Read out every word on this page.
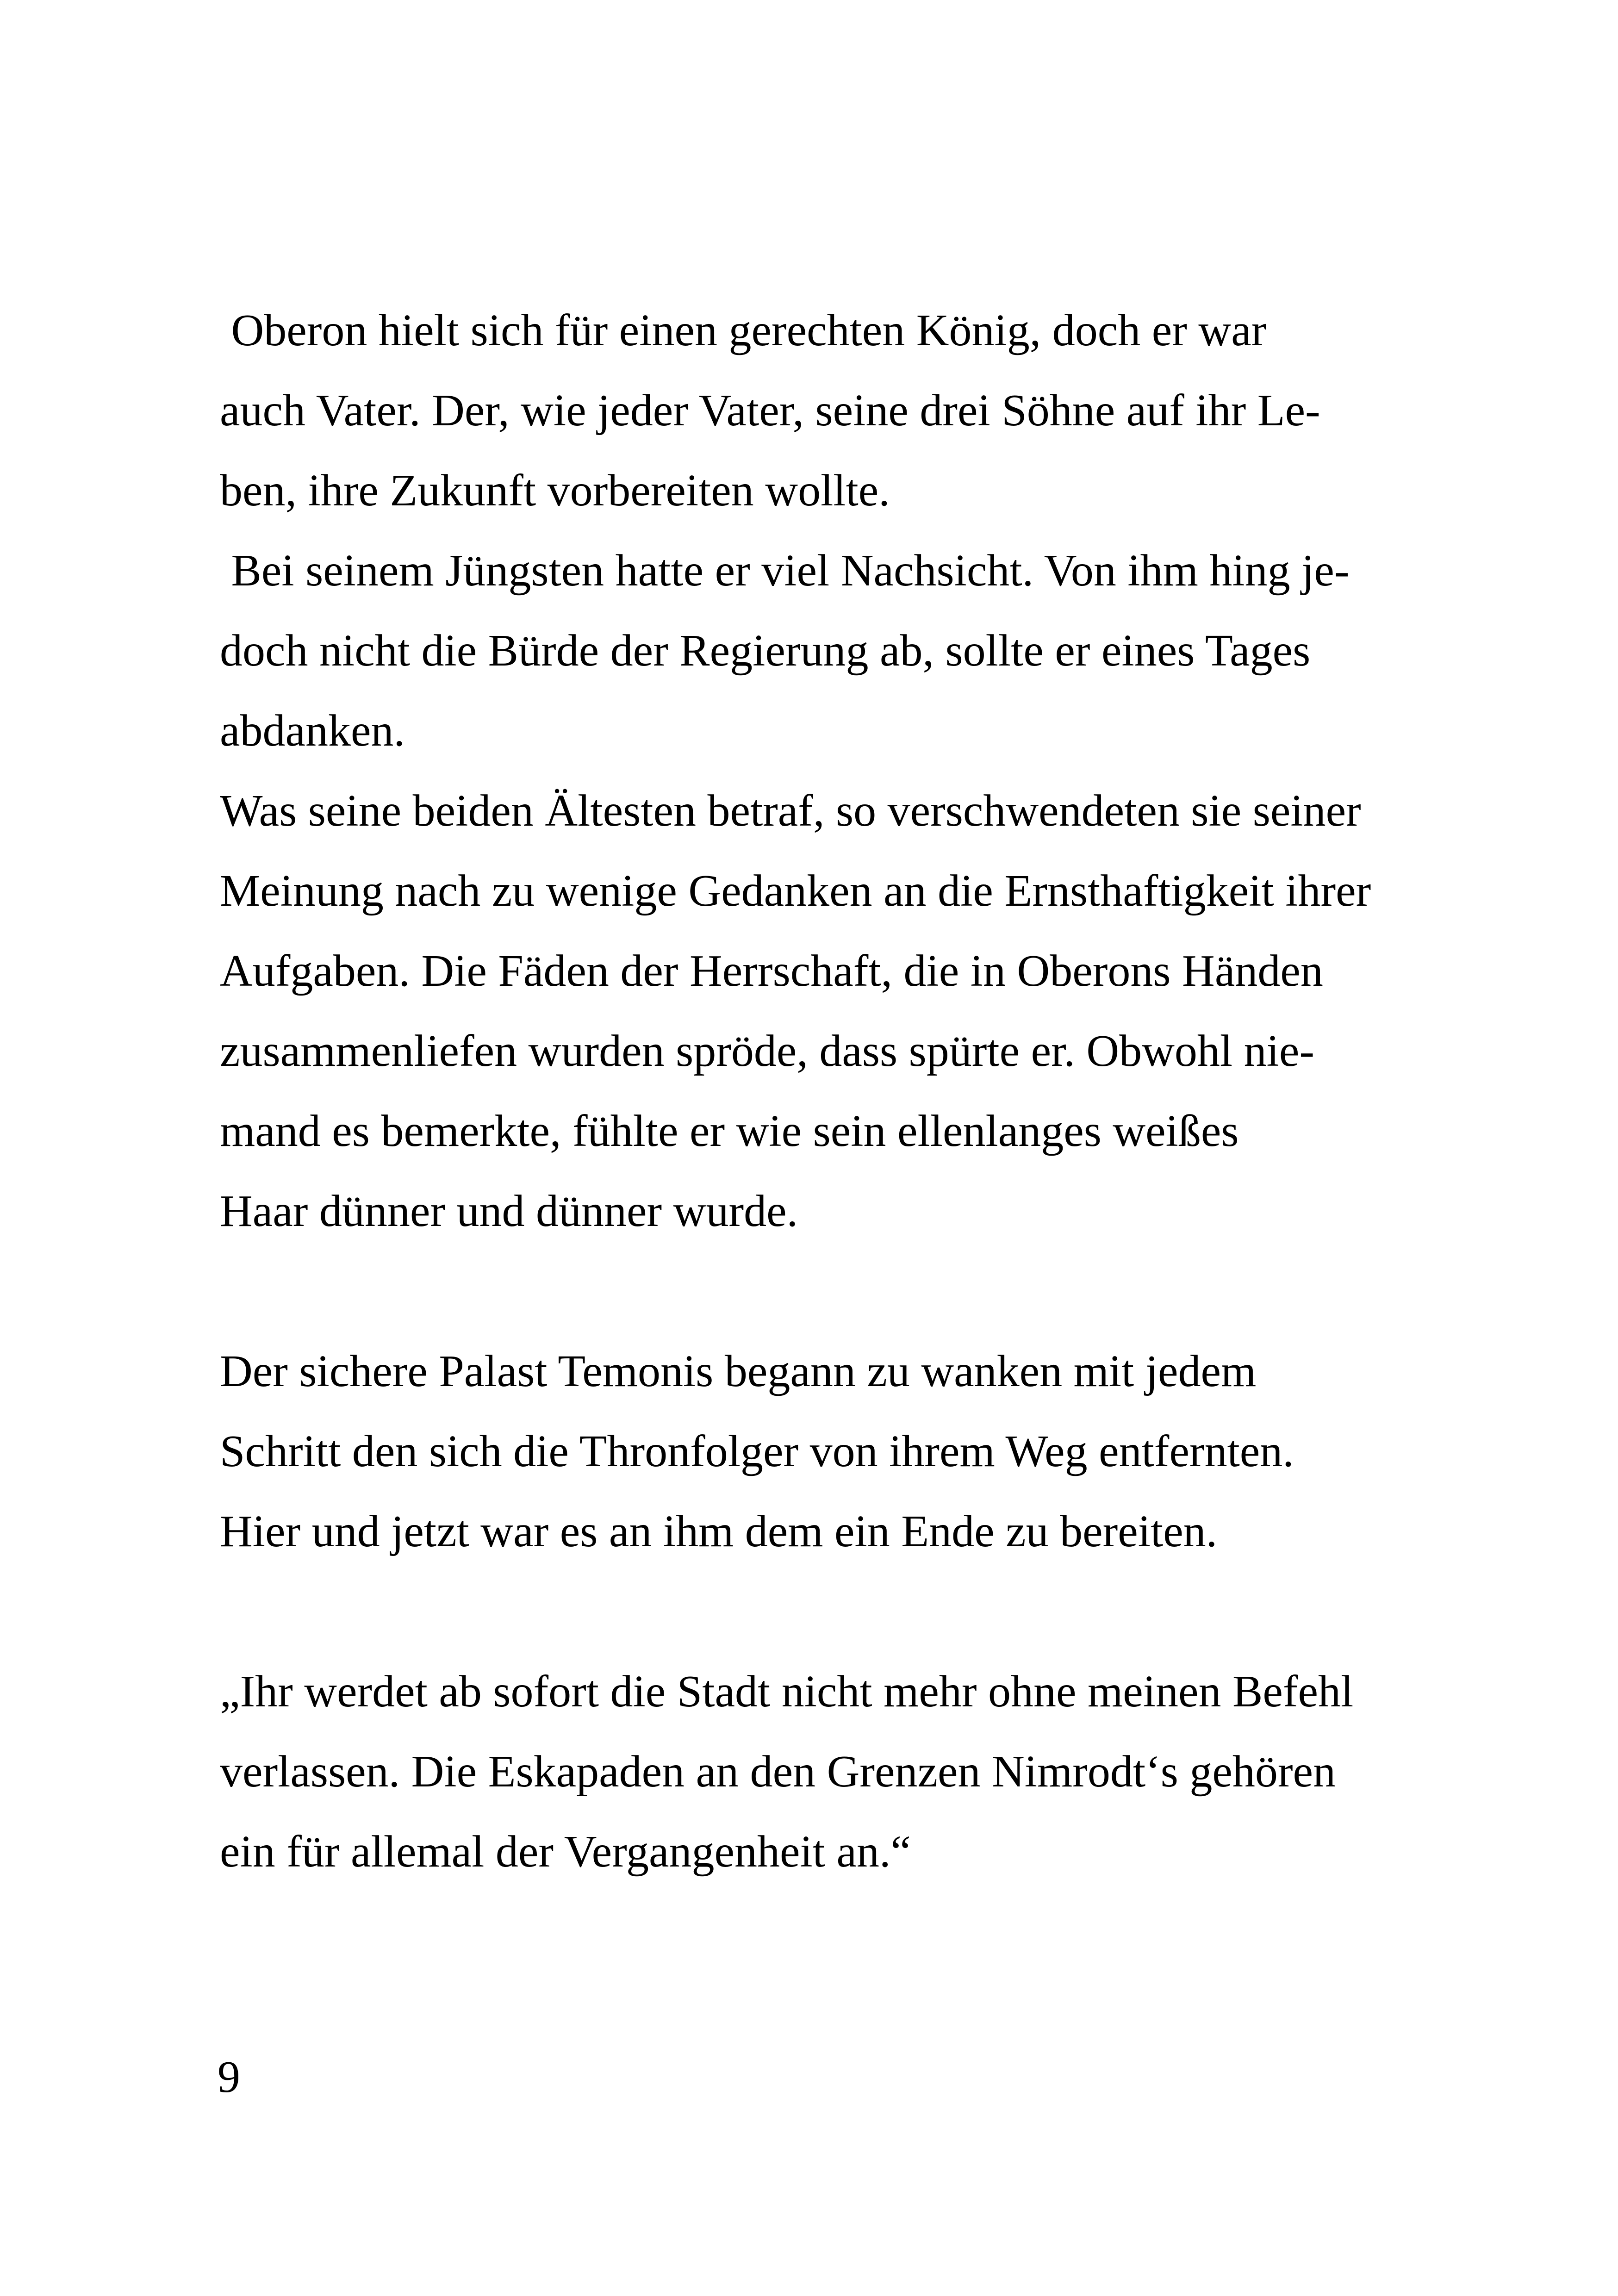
Oberon hielt sich für einen gerechten König, doch er war
auch Vater. Der, wie jeder Vater, seine drei Söhne auf ihr Le-
ben, ihre Zukunft vorbereiten wollte.
Bei seinem Jüngsten hatte er viel Nachsicht. Von ihm hing je-
doch nicht die Bürde der Regierung ab, sollte er eines Tages
abdanken.
Was seine beiden Ältesten betraf, so verschwendeten sie seiner
Meinung nach zu wenige Gedanken an die Ernsthaftigkeit ihrer
Aufgaben. Die Fäden der Herrschaft, die in Oberons Händen
zusammenliefen wurden spröde, dass spürte er. Obwohl nie-
mand es bemerkte, fühlte er wie sein ellenlanges weißes
Haar dünner und dünner wurde.
Der sichere Palast Temonis begann zu wanken mit jedem
Schritt den sich die Thronfolger von ihrem Weg entfernten.
Hier und jetzt war es an ihm dem ein Ende zu bereiten.
„Ihr werdet ab sofort die Stadt nicht mehr ohne meinen Befehl
verlassen. Die Eskapaden an den Grenzen Nimrodt‘s gehören
ein für allemal der Vergangenheit an.“
9
